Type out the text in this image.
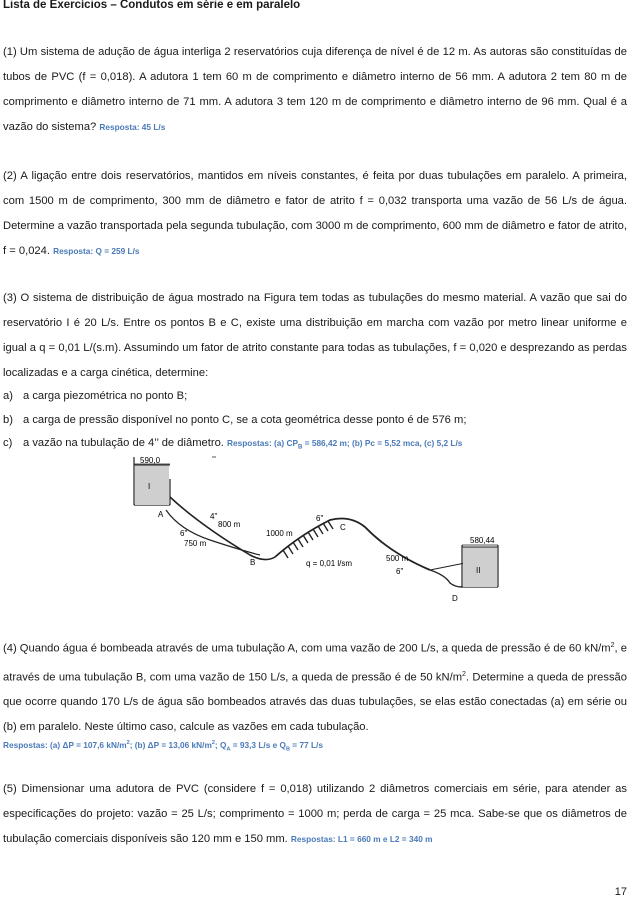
Lista de Exercícios – Condutos em série e em paralelo

(1) Um sistema de adução de água interliga 2 reservatórios cuja diferença de nível é de 12 m. As autoras são constituídas de tubos de PVC (f = 0,018). A adutora 1 tem 60 m de comprimento e diâmetro interno de 56 mm. A adutora 2 tem 80 m de comprimento e diâmetro interno de 71 mm. A adutora 3 tem 120 m de comprimento e diâmetro interno de 96 mm. Qual é a vazão do sistema? Resposta: 45 L/s

(2) A ligação entre dois reservatórios, mantidos em níveis constantes, é feita por duas tubulações em paralelo. A primeira, com 1500 m de comprimento, 300 mm de diâmetro e fator de atrito f = 0,032 transporta uma vazão de 56 L/s de água. Determine a vazão transportada pela segunda tubulação, com 3000 m de comprimento, 600 mm de diâmetro e fator de atrito, f = 0,024. Resposta: Q = 259 L/s

(3) O sistema de distribuição de água mostrado na Figura tem todas as tubulações do mesmo material. A vazão que sai do reservatório I é 20 L/s. Entre os pontos B e C, existe uma distribuição em marcha com vazão por metro linear uniforme e igual a q = 0,01 L/(s.m). Assumindo um fator de atrito constante para todas as tubulações, f = 0,020 e desprezando as perdas localizadas e a carga cinética, determine:

a) a carga piezométrica no ponto B;
b) a carga de pressão disponível no ponto C, se a cota geométrica desse ponto é de 576 m;
c) a vazão na tubulação de 4’’ de diâmetro. Respostas: (a) $CP_B = 586,42$ m; (b) Pc = 5,52 mca, (c) 5,2 L/s
590,0
I
580,44
II
A	4"
800 m
6"
750 m
B
1000 m
6"
C
q = 0,01 l/sm
500 m
6"
D

(4) Quando água é bombeada através de uma tubulação A, com uma vazão de 200 L/s, a queda de pressão é de 60 $kN/m^2$, e através de uma tubulação B, com uma vazão de 150 L/s, a queda de pressão é de 50 $kN/m^2$. Determine a queda de pressão que ocorre quando 170 L/s de água são bombeados através das duas tubulações, se elas estão conectadas (a) em série ou (b) em paralelo. Neste último caso, calcule as vazões em cada tubulação.

Respostas: (a) ΔP = 107,6 $kN/m^2$; (b) ΔP = 13,06 $kN/m^2$; $Q_A = 93,3$ L/s e $Q_B = 77$ L/s

(5) Dimensionar uma adutora de PVC (considere f = 0,018) utilizando 2 diâmetros comerciais em série, para atender as especificações do projeto: vazão = 25 L/s; comprimento = 1000 m; perda de carga = 25 mca. Sabe-se que os diâmetros de tubulação comerciais disponíveis são 120 mm e 150 mm. Respostas: L1 = 660 m e L2 = 340 m

17
